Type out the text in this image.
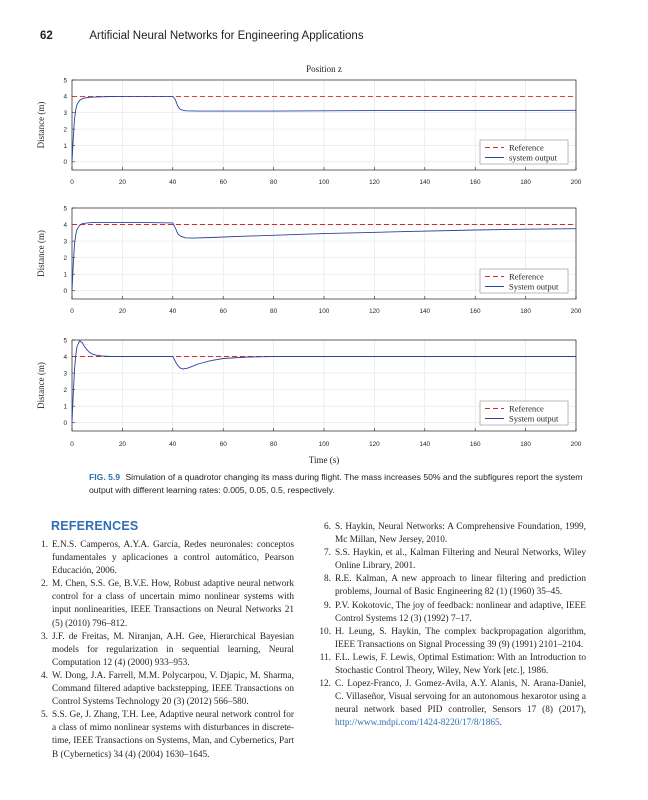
62	Artificial Neural Networks for Engineering Applications
0	20	40	60	80	100	120	140	160	180	200
0
1
2
3
4
5
Position z
Distance (m)	Reference
system output
0	20	40	60	80	100	120	140	160	180	200
0
1
2
3
4
5
Distance (m)	Reference
System output
0	20	40	60	80	100	120	140	160	180	200
0
1
2
3
4
5
Distance (m)
Time (s)
Reference
System output
FIG. 5.9 Simulation of a quadrotor changing its mass during flight. The mass increases 50% and the subfigures report the system output with different learning rates: 0.005, 0.05, 0.5, respectively.
REFERENCES
1. E.N.S. Camperos, A.Y.A. García, Redes neuronales: conceptos fundamentales y aplicaciones a control automático, Pearson Educación, 2006.
2. M. Chen, S.S. Ge, B.V.E. How, Robust adaptive neural network control for a class of uncertain mimo nonlinear systems with input nonlinearities, IEEE Transactions on Neural Networks 21 (5) (2010) 796–812.
3. J.F. de Freitas, M. Niranjan, A.H. Gee, Hierarchical Bayesian models for regularization in sequential learning, Neural Computation 12 (4) (2000) 933–953.
4. W. Dong, J.A. Farrell, M.M. Polycarpou, V. Djapic, M. Sharma, Command filtered adaptive backstepping, IEEE Transactions on Control Systems Technology 20 (3) (2012) 566–580.
5. S.S. Ge, J. Zhang, T.H. Lee, Adaptive neural network control for a class of mimo nonlinear systems with disturbances in discrete-time, IEEE Transactions on Systems, Man, and Cybernetics, Part B (Cybernetics) 34 (4) (2004) 1630–1645.
6. S. Haykin, Neural Networks: A Comprehensive Foundation, 1999, Mc Millan, New Jersey, 2010.
7. S.S. Haykin, et al., Kalman Filtering and Neural Networks, Wiley Online Library, 2001.
8. R.E. Kalman, A new approach to linear filtering and prediction problems, Journal of Basic Engineering 82 (1) (1960) 35–45.
9. P.V. Kokotovic, The joy of feedback: nonlinear and adaptive, IEEE Control Systems 12 (3) (1992) 7–17.
10. H. Leung, S. Haykin, The complex backpropagation algorithm, IEEE Transactions on Signal Processing 39 (9) (1991) 2101–2104.
11. F.L. Lewis, F. Lewis, Optimal Estimation: With an Introduction to Stochastic Control Theory, Wiley, New York [etc.], 1986.
12. C. Lopez-Franco, J. Gomez-Avila, A.Y. Alanis, N. Arana-Daniel, C. Villaseñor, Visual servoing for an autonomous hexarotor using a neural network based PID controller, Sensors 17 (8) (2017), http://www.mdpi.com/1424-8220/17/8/1865.
